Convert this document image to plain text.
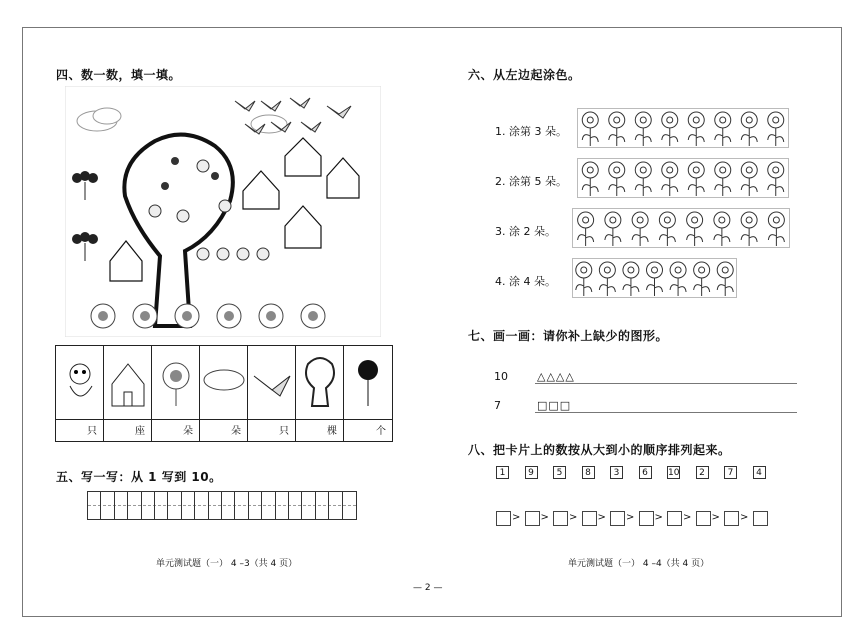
四、数一数，填一填。
只	座	朵	朵	只	棵	个
五、写一写：从 1 写到 10。
单元测试题（一） 4 –3（共 4 页）
六、从左边起涂色。
1. 涂第 3 朵。
2. 涂第 5 朵。
3. 涂 2 朵。
4. 涂 4 朵。
七、画一画：请你补上缺少的图形。
10	△△△△
7	□□□
八、把卡片上的数按从大到小的顺序排列起来。
1	9	5	8	3	6	10	2	7	4
> > > > > > > > >
单元测试题（一） 4 –4（共 4 页）
— 2 —
